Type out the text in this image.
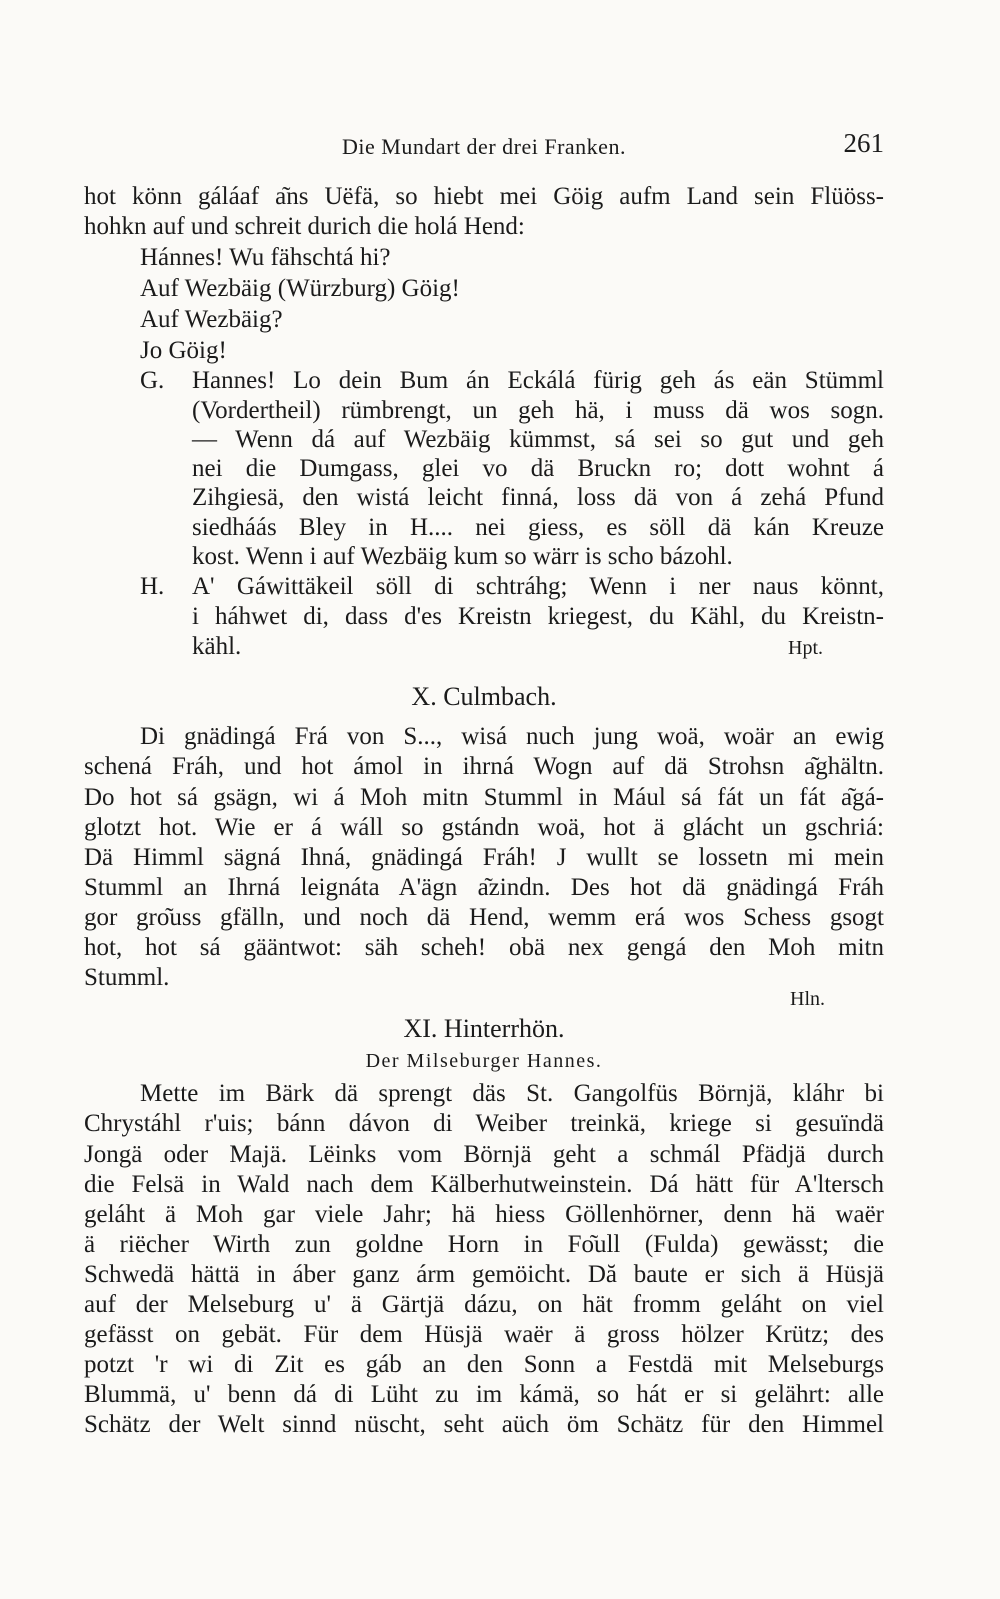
Die Mundart der drei Franken.	261
hot könn gáláaf a͂ns Uëfä, so hiebt mei Göig aufm Land sein Flüöss-
hohkn auf und schreit durich die holá Hend:
Hánnes! Wu fähschtá hi?
Auf Wezbäig (Würzburg) Göig!
Auf Wezbäig?
Jo Göig!
G. Hannes! Lo dein Bum án Eckálá fürig geh ás eän Stümml
(Vordertheil) rümbrengt, un geh hä, i muss dä wos sogn.
— Wenn dá auf Wezbäig kümmst, sá sei so gut und geh
nei die Dumgass, glei vo dä Bruckn ro; dott wohnt á
Zihgiesä, den wistá leicht finná, loss dä von á zehá Pfund
siedháás Bley in H.... nei giess, es söll dä kán Kreuze
kost. Wenn i auf Wezbäig kum so wärr is scho bázohl.
H. A' Gáwittäkeil söll di schtráhg; Wenn i ner naus könnt,
i háhwet di, dass d'es Kreistn kriegest, du Kähl, du Kreistn-
kähl.	Hpt.
X. Culmbach.
Di gnädingá Frá von S..., wisá nuch jung woä, woär an ewig
schená Fráh, und hot ámol in ihrná Wogn auf dä Strohsn a͂ghältn.
Do hot sá gsägn, wi á Moh mitn Stumml in Mául sá fát un fát a͂gá-
glotzt hot. Wie er á wáll so gstándn woä, hot ä glácht un gschriá:
Dä Himml sägná Ihná, gnädingá Fráh! J wullt se lossetn mi mein
Stumml an Ihrná leignáta A'ägn a͂zindn. Des hot dä gnädingá Fráh
gor gro͂uss gfälln, und noch dä Hend, wemm erá wos Schess gsogt
hot, hot sá gääntwot: säh scheh! obä nex gengá den Moh mitn
Stumml.
Hln.
XI. Hinterrhön.
Der Milseburger Hannes.
Mette im Bärk dä sprengt däs St. Gangolfüs Börnjä, kláhr bi
Chrystáhl r'uis; bánn dávon di Weiber treinkä, kriege si gesuïndä
Jongä oder Majä. Lëinks vom Börnjä geht a schmál Pfädjä durch
die Felsä in Wald nach dem Kälberhutweinstein. Dá hätt für A'ltersch
geláht ä Moh gar viele Jahr; hä hiess Göllenhörner, denn hä waër
ä riëcher Wirth zun goldne Horn in Fo͂ull (Fulda) gewässt; die
Schwedä hättä in áber ganz árm gemöicht. Dă baute er sich ä Hüsjä
auf der Melseburg u' ä Gärtjä dázu, on hät fromm geláht on viel
gefässt on gebät. Für dem Hüsjä waër ä gross hölzer Krütz; des
potzt 'r wi di Zit es gáb an den Sonn a Festdä mit Melseburgs
Blummä, u' benn dá di Lüht zu im kámä, so hát er si gelährt: alle
Schätz der Welt sinnd nüscht, seht aüch öm Schätz für den Himmel
